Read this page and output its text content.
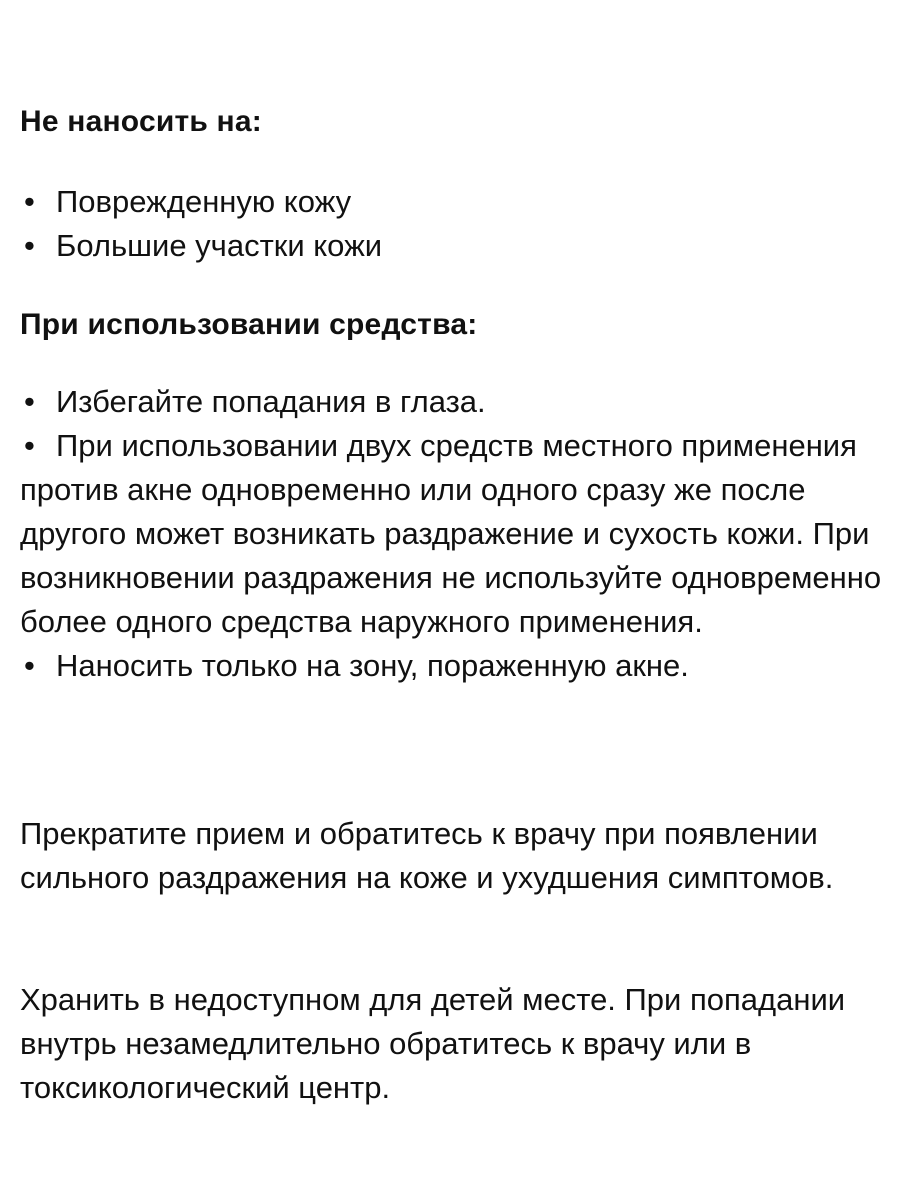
Не наносить на:
• Поврежденную кожу
• Большие участки кожи
При использовании средства:
• Избегайте попадания в глаза.
• При использовании двух средств местного применения против акне одновременно или одного сразу же после другого может возникать раздражение и сухость кожи. При возникновении раздражения не используйте одновременно более одного средства наружного применения.
• Наносить только на зону, пораженную акне.

Прекратите прием и обратитесь к врачу при появлении сильного раздражения на коже и ухудшения симптомов.

Хранить в недоступном для детей месте. При попадании внутрь незамедлительно обратитесь к врачу или в токсикологический центр.
